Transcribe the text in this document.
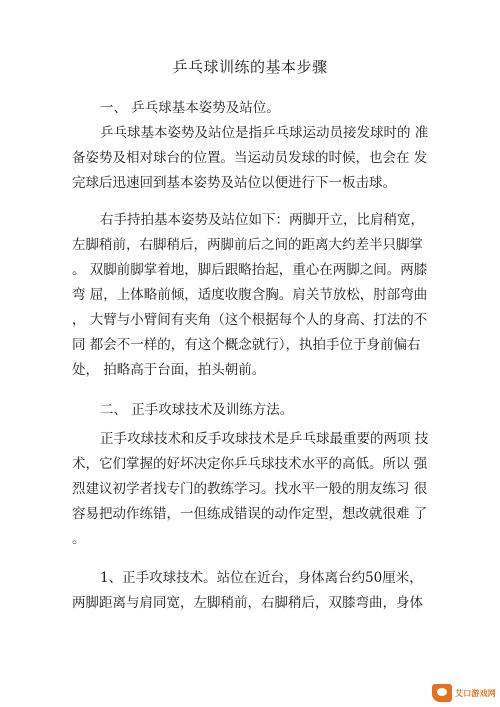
乒乓球训练的基本步骤
一、 乒乓球基本姿势及站位。
乒乓球基本姿势及站位是指乒乓球运动员接发球时的 准
备姿势及相对球台的位置。当运动员发球的时候，也会在 发
完球后迅速回到基本姿势及站位以便进行下一板击球。
右手持拍基本姿势及站位如下：两脚开立，比肩稍宽，
左脚稍前，右脚稍后，两脚前后之间的距离大约差半只脚掌
。 双脚前脚掌着地，脚后跟略抬起，重心在两脚之间。两膝
弯 屈，上体略前倾，适度收腹含胸。肩关节放松，肘部弯曲
， 大臂与小臂间有夹角（这个根据每个人的身高、打法的不
同 都会不一样的，有这个概念就行），执拍手位于身前偏右
处， 拍略高于台面，拍头朝前。
二、 正手攻球技术及训练方法。
正手攻球技术和反手攻球技术是乒乓球最重要的两项 技
术，它们掌握的好坏决定你乒乓球技术水平的高低。所以 强
烈建议初学者找专门的教练学习。找水平一般的朋友练习 很
容易把动作练错，一但练成错误的动作定型，想改就很难 了
。
1、正手攻球技术。站位在近台，身体离台约50厘米，
两脚距离与肩同宽，左脚稍前，右脚稍后，双膝弯曲，身体
艾口游戏网
